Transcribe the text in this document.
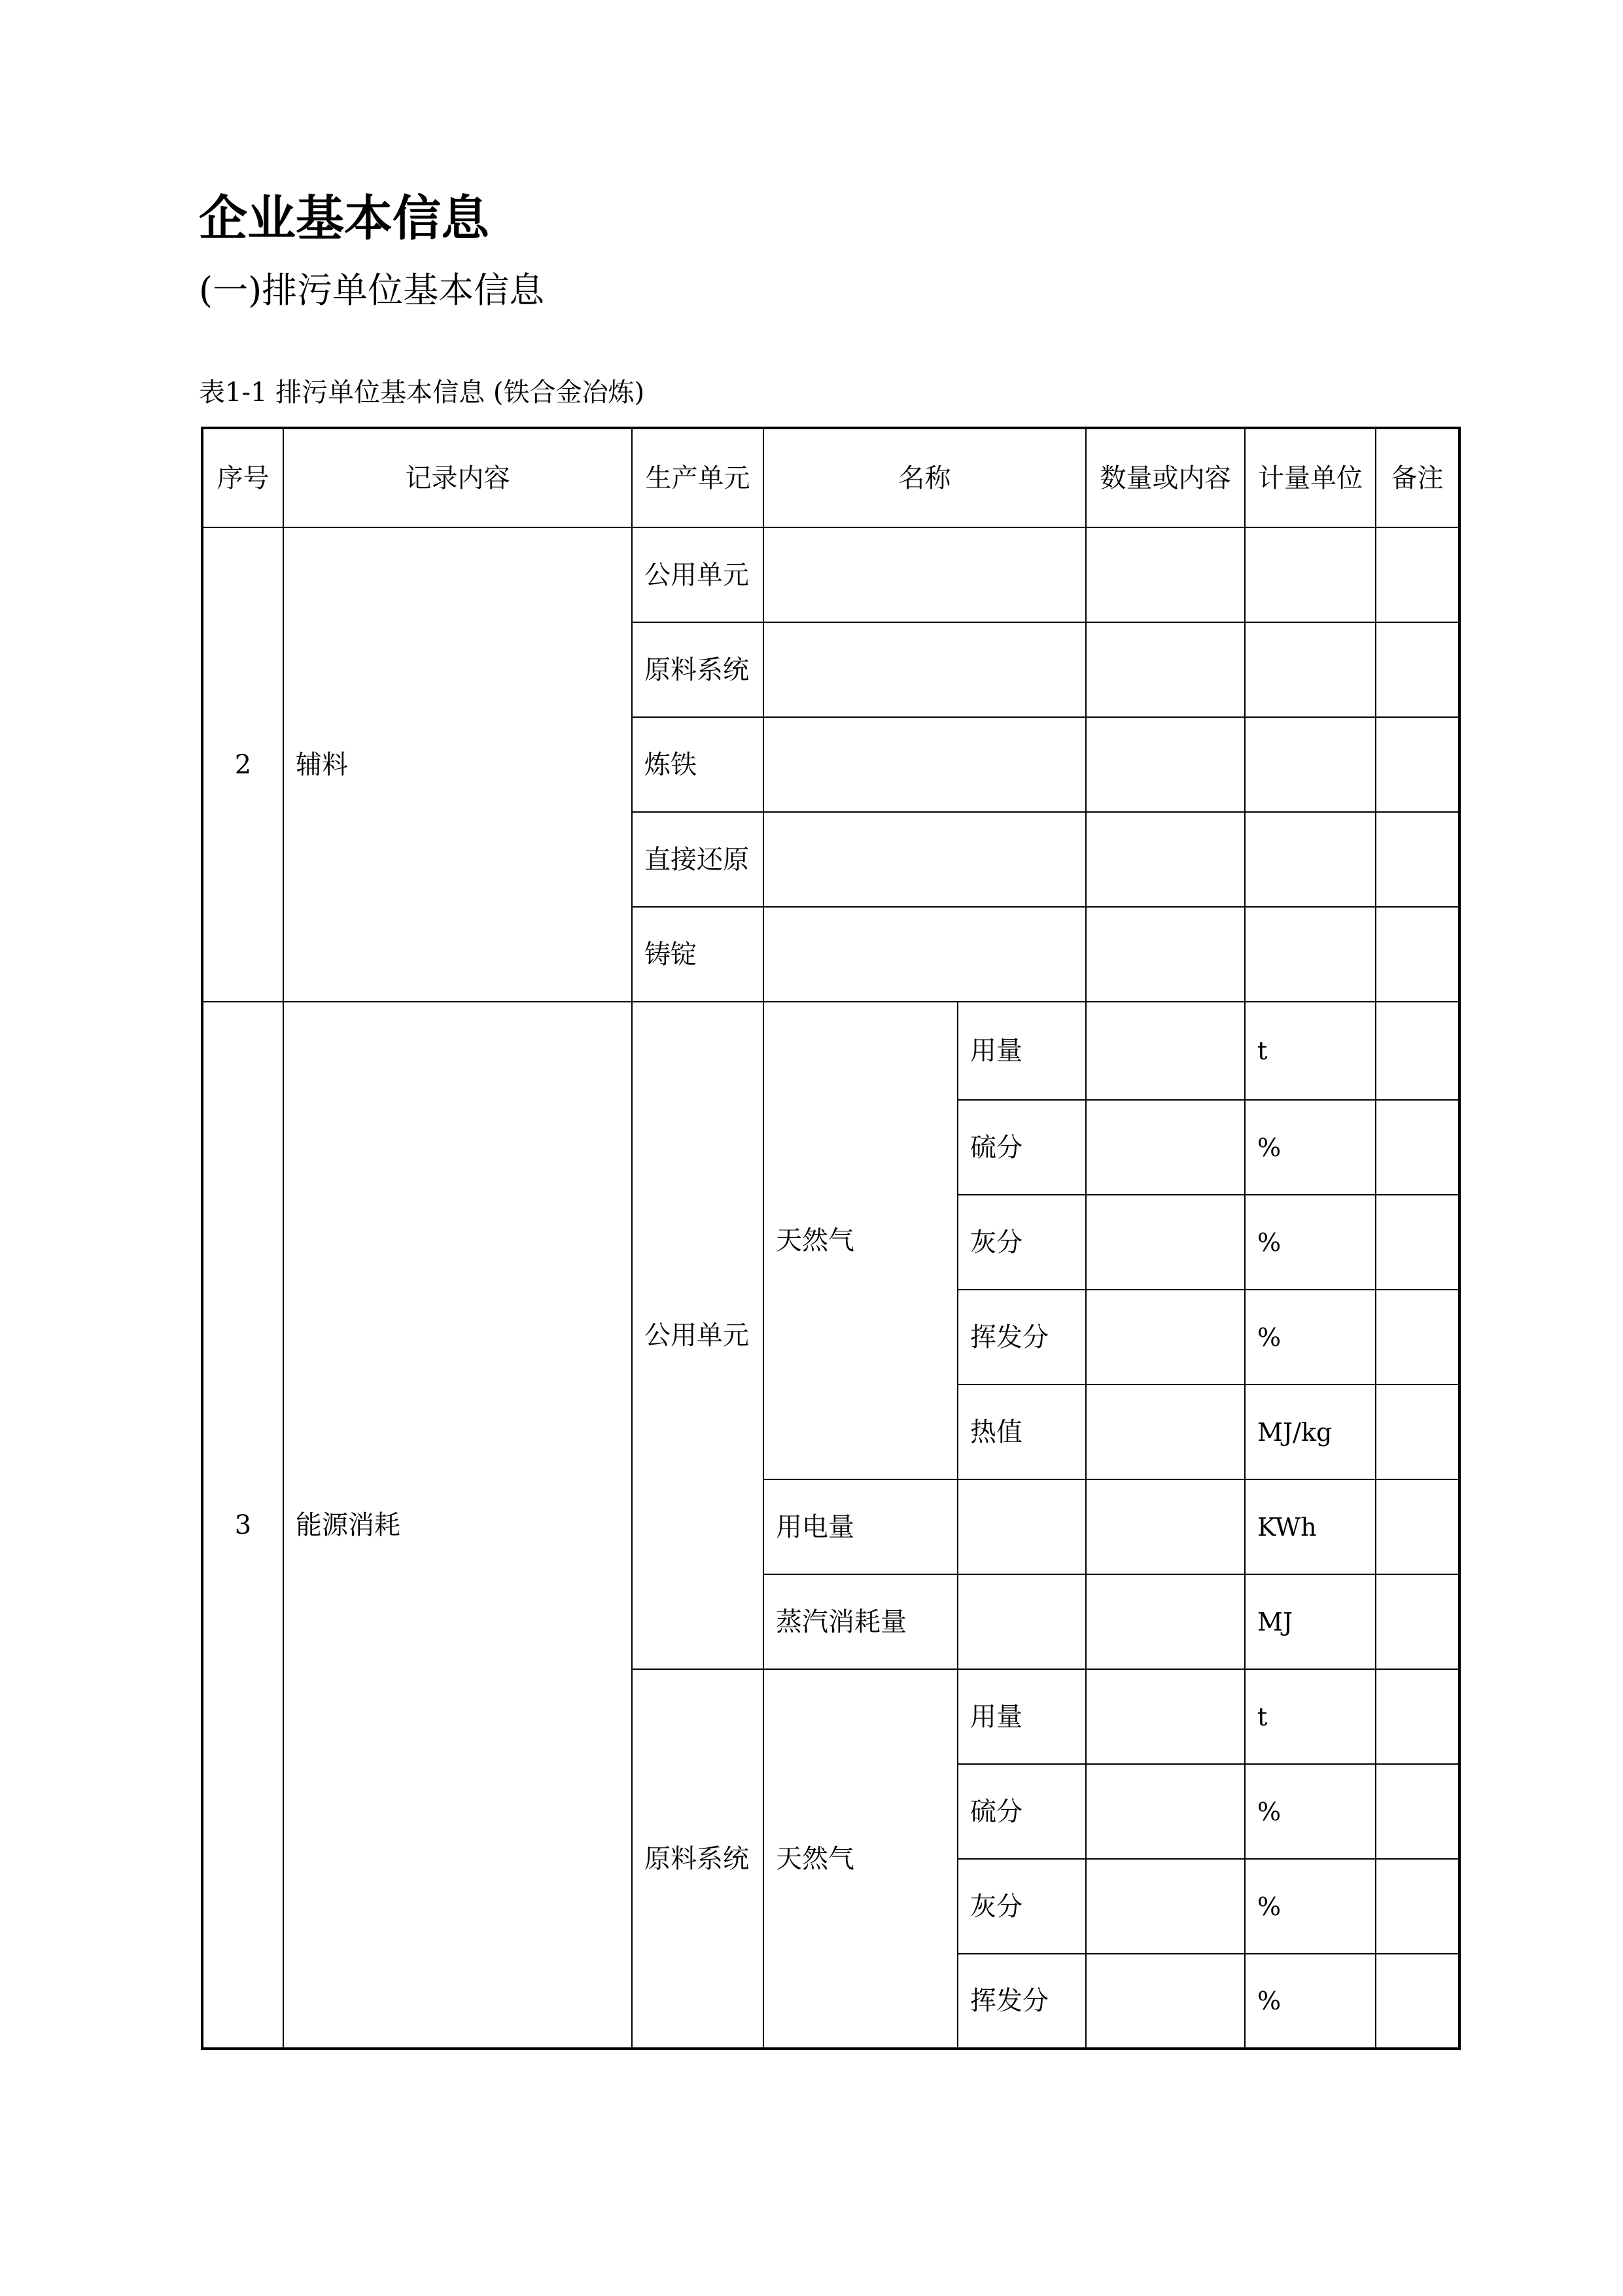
企业基本信息
(一)排污单位基本信息

表1-1 排污单位基本信息 (铁合金冶炼)

序号	记录内容	生产单元	名称		数量或内容	计量单位	备注
2	辅料	公用单元					
		原料系统					
		炼铁					
		直接还原					
		铸锭					
3	能源消耗	公用单元	天然气	用量		t	
				硫分		%	
				灰分		%	
				挥发分		%	
				热值		MJ/kg	
			用电量			KWh	
			蒸汽消耗量			MJ	
		原料系统	天然气	用量		t	
				硫分		%	
				灰分		%	
				挥发分		%	
